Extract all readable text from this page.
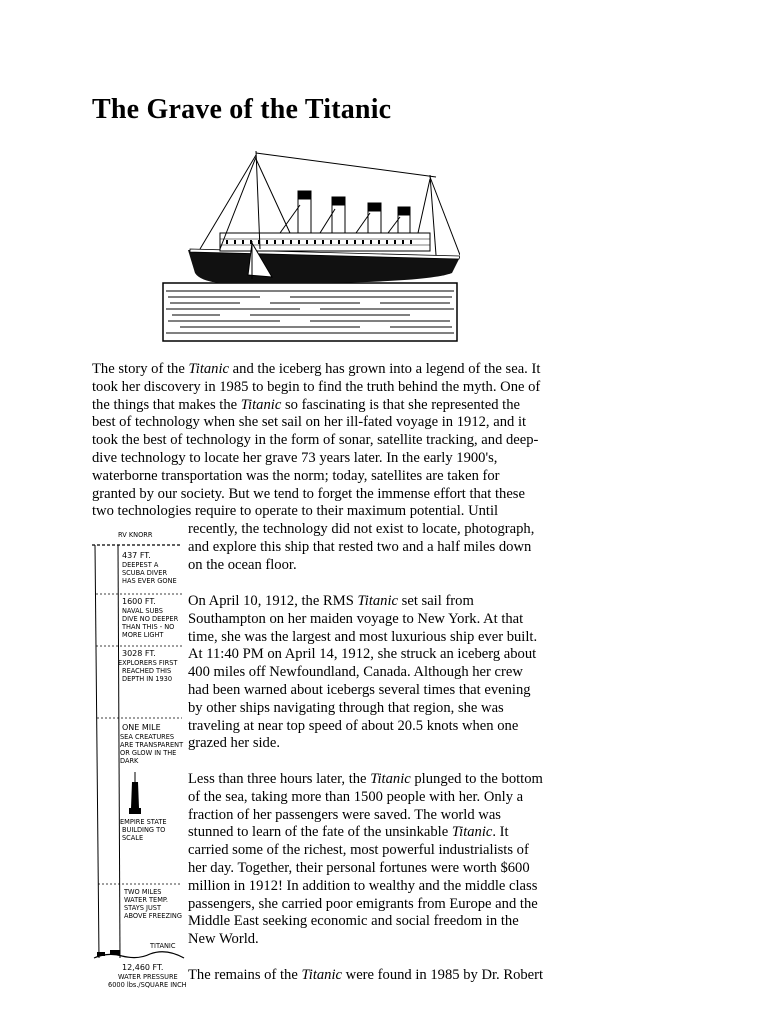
The Grave of the Titanic

The story of the Titanic and the iceberg has grown into a legend of the sea. It
took her discovery in 1985 to begin to find the truth behind the myth. One of
the things that makes the Titanic so fascinating is that she represented the
best of technology when she set sail on her ill-fated voyage in 1912, and it
took the best of technology in the form of sonar, satellite tracking, and deep-
dive technology to locate her grave 73 years later. In the early 1900's,
waterborne transportation was the norm; today, satellites are taken for
granted by our society. But we tend to forget the immense effort that these
two technologies require to operate to their maximum potential. Until

recently, the technology did not exist to locate, photograph,
and explore this ship that rested two and a half miles down
on the ocean floor.

On April 10, 1912, the RMS Titanic set sail from
Southampton on her maiden voyage to New York. At that
time, she was the largest and most luxurious ship ever built.
At 11:40 PM on April 14, 1912, she struck an iceberg about
400 miles off Newfoundland, Canada. Although her crew
had been warned about icebergs several times that evening
by other ships navigating through that region, she was
traveling at near top speed of about 20.5 knots when one
grazed her side.

Less than three hours later, the Titanic plunged to the bottom
of the sea, taking more than 1500 people with her. Only a
fraction of her passengers were saved. The world was
stunned to learn of the fate of the unsinkable Titanic. It
carried some of the richest, most powerful industrialists of
her day. Together, their personal fortunes were worth $600
million in 1912! In addition to wealthy and the middle class
passengers, she carried poor emigrants from Europe and the
Middle East seeking economic and social freedom in the
New World.

The remains of the Titanic were found in 1985 by Dr. Robert

RV KNORR
437 FT.
DEEPEST A
SCUBA DIVER
HAS EVER GONE
1600 FT.
NAVAL SUBS
DIVE NO DEEPER
THAN THIS - NO
MORE LIGHT
3028 FT.
EXPLORERS FIRST
REACHED THIS
DEPTH IN 1930
ONE MILE
SEA CREATURES
ARE TRANSPARENT
OR GLOW IN THE
DARK
EMPIRE STATE
BUILDING TO
SCALE
TWO MILES
WATER TEMP.
STAYS JUST
ABOVE FREEZING
TITANIC
12,460 FT.
WATER PRESSURE
6000 lbs./SQUARE INCH
